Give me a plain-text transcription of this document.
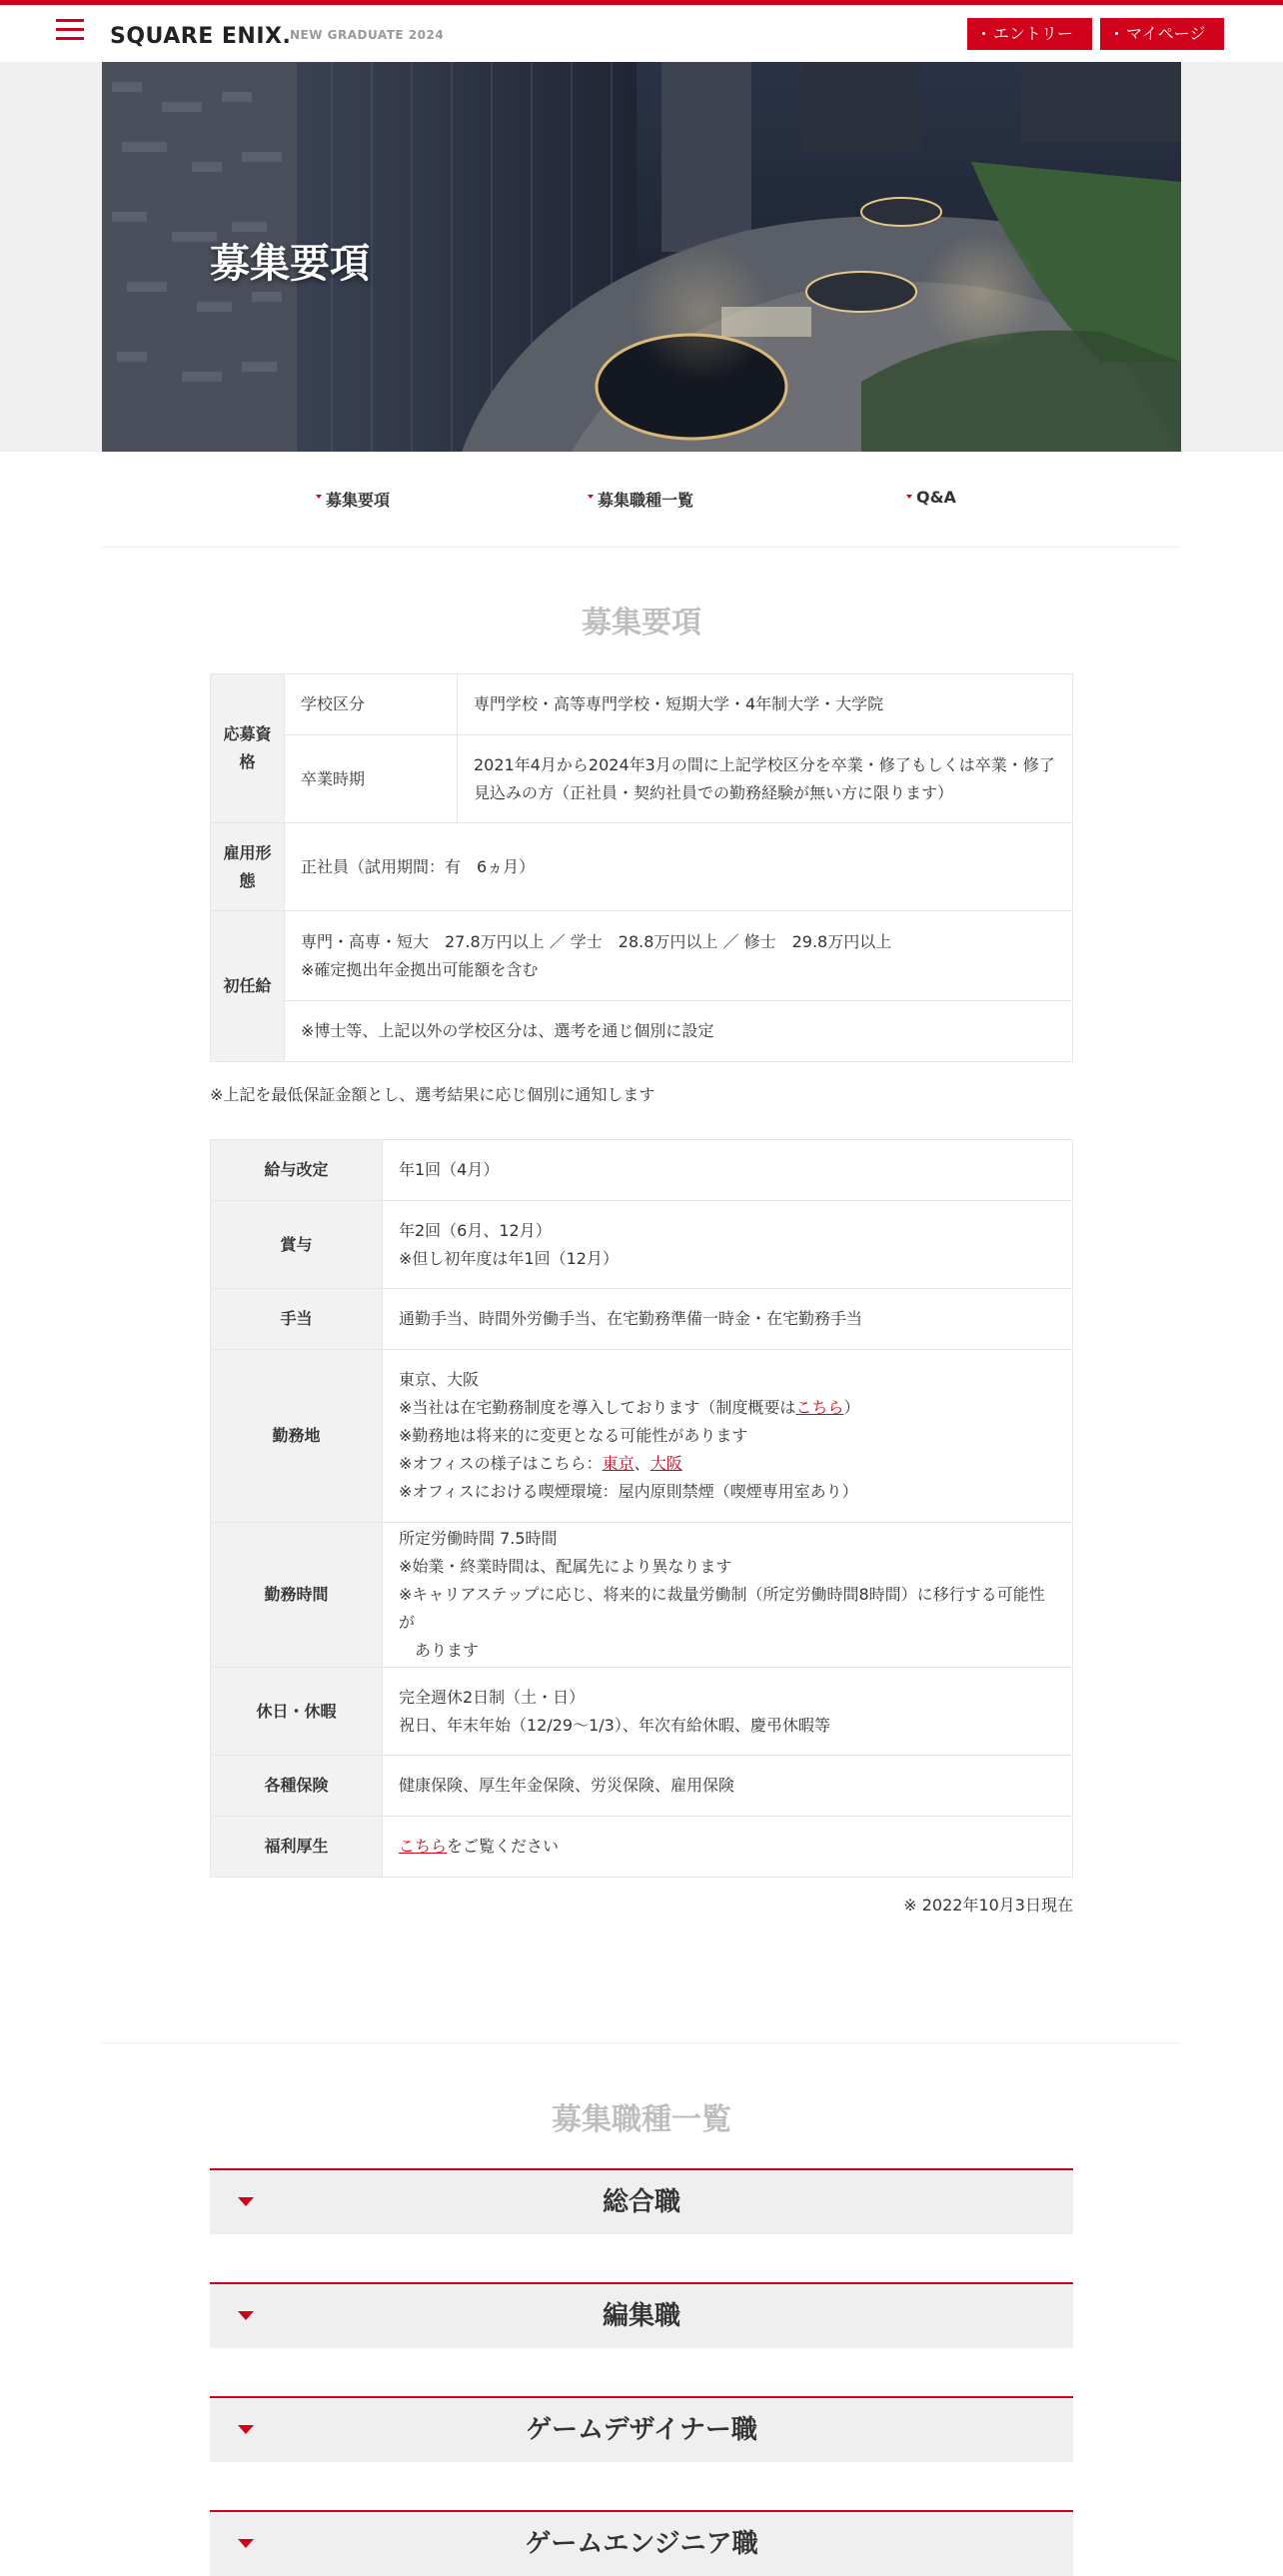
SQUARE ENIX.
NEW GRADUATE 2024	エントリー	マイページ
募集要項
募集要項	募集職種一覧	Q&A
募集要項
応募資格	学校区分	専門学校・高等専門学校・短期大学・4年制大学・大学院
	卒業時期	2021年4月から2024年3月の間に上記学校区分を卒業・修了もしくは卒業・修了
見込みの方（正社員・契約社員での勤務経験が無い方に限ります）

雇用形態	正社員（試用期間：有　6ヵ月）	
初任給	専門・高専・短大　27.8万円以上 ／ 学士　28.8万円以上 ／ 修士　29.8万円以上
※確定拠出年金拠出可能額を含む	

	※博士等、上記以外の学校区分は、選考を通じ個別に設定	
※上記を最低保証金額とし、選考結果に応じ個別に通知します
給与改定	年1回（4月）
賞与	年2回（6月、12月）
※但し初年度は年1回（12月）

手当	通勤手当、時間外労働手当、在宅勤務準備一時金・在宅勤務手当
勤務地	東京、大阪
※当社は在宅勤務制度を導入しております（制度概要はこちら）
※勤務地は将来的に変更となる可能性があります
※オフィスの様子はこちら：東京、大阪
※オフィスにおける喫煙環境：屋内原則禁煙（喫煙専用室あり）

勤務時間	所定労働時間 7.5時間
※始業・終業時間は、配属先により異なります
※キャリアステップに応じ、将来的に裁量労働制（所定労働時間8時間）に移行する可能性が
　あります

休日・休暇	完全週休2日制（土・日）
祝日、年末年始（12/29～1/3）、年次有給休暇、慶弔休暇等

各種保険	健康保険、厚生年金保険、労災保険、雇用保険
福利厚生	こちらをご覧ください
※ 2022年10月3日現在
募集職種一覧
総合職
編集職
ゲームデザイナー職
ゲームエンジニア職
